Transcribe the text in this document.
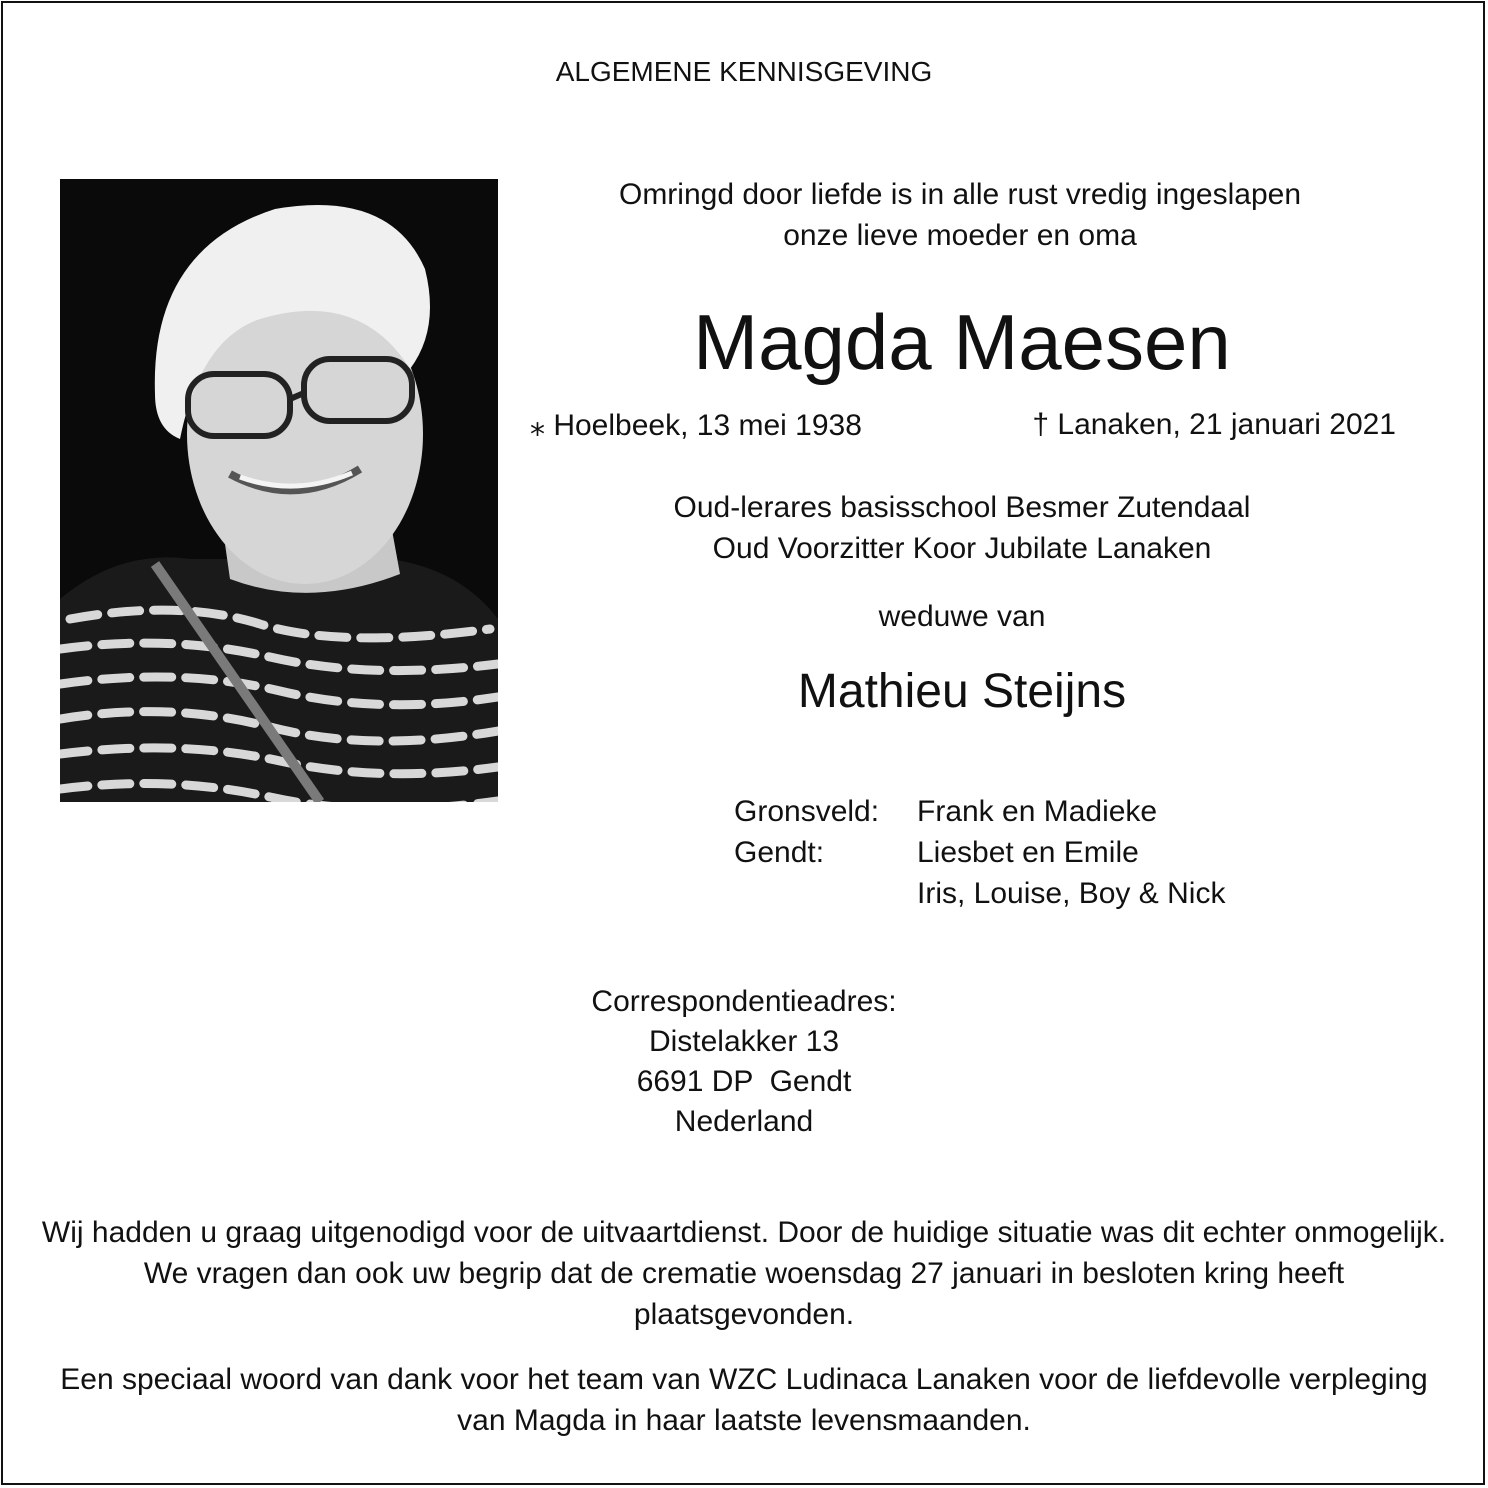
ALGEMENE KENNISGEVING
Omringd door liefde is in alle rust vredig ingeslapen
onze lieve moeder en oma
Magda Maesen
⁎ Hoelbeek, 13 mei 1938	† Lanaken, 21 januari 2021
Oud-lerares basisschool Besmer Zutendaal
Oud Voorzitter Koor Jubilate Lanaken
weduwe van
Mathieu Steijns
Gronsveld:	Frank en Madieke
Gendt:	Liesbet en Emile
Iris, Louise, Boy & Nick
Correspondentieadres:
Distelakker 13
6691 DP  Gendt
Nederland
Wij hadden u graag uitgenodigd voor de uitvaartdienst. Door de huidige situatie was dit echter onmogelijk. We vragen dan ook uw begrip dat de crematie woensdag 27 januari in besloten kring heeft plaatsgevonden.
Een speciaal woord van dank voor het team van WZC Ludinaca Lanaken voor de liefdevolle verpleging van Magda in haar laatste levensmaanden.
